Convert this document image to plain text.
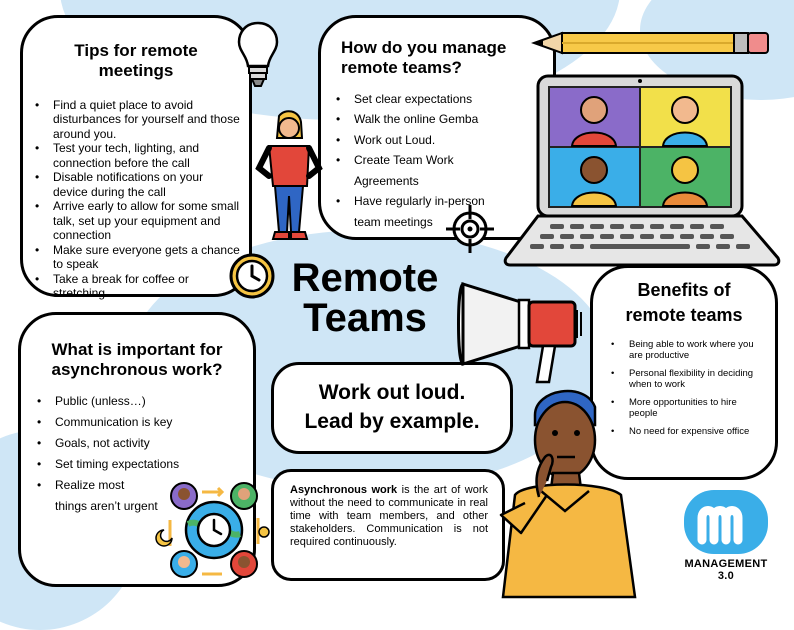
Tips for remote
meetings
• Find a quiet place to avoid disturbances for yourself and those around you.
• Test your tech, lighting, and connection before the call
• Disable notifications on your device during the call
• Arrive early to allow for some small talk, set up your equipment and connection
• Make sure everyone gets a chance to speak
• Take a break for coffee or stretching
How do you manage
remote teams?
• Set clear expectations
• Walk the online Gemba
• Work out Loud.
• Create Team Work Agreements
• Have regularly in-person team meetings
Benefits of
remote teams
• Being able to work where you are productive
• Personal flexibility in deciding when to work
• More opportunities to hire people
• No need for expensive office
What is important for
asynchronous work?
• Public (unless…)
• Communication is key
• Goals, not activity
• Set timing expectations
• Realize most
things aren’t urgent
Work out loud.
Lead by example.

Asynchronous work is the art of work without the need to communicate in real time with team members, and other stakeholders. Communication is not required continuously.

Remote
Teams
MANAGEMENT 3.0
